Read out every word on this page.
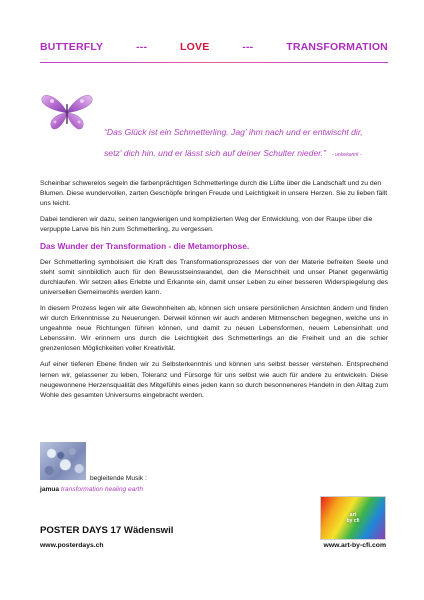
BUTTERFLY	---	LOVE	---	TRANSFORMATION
“Das Glück ist ein Schmetterling. Jag' ihm nach und er entwischt dir,
setz' dich hin, und er lässt sich auf deiner Schulter nieder.” - unbekannt -

Scheinbar schwerelos segeln die farbenprächtigen Schmetterlinge durch die Lüfte über die Landschaft und zu den Blumen. Diese wundervollen, zarten Geschöpfe bringen Freude und Leichtigkeit in unsere Herzen. Sie zu lieben fällt uns leicht.

Dabei tendieren wir dazu, seinen langwierigen und komplizierten Weg der Entwicklung, von der Raupe über die verpuppte Larve bis hin zum Schmetterling, zu vergessen.

Das Wunder der Transformation - die Metamorphose.

Der Schmetterling symbolisiert die Kraft des Transformationsprozesses der von der Materie befreiten Seele und steht somit sinnbildlich auch für den Bewusstseinswandel, den die Menschheit und unser Planet gegenwärtig durchlaufen. Wir setzen alles Erlebte und Erkannte ein, damit unser Leben zu einer besseren Widerspiegelung des universellen Gemeinwohls werden kann.

In diesem Prozess legen wir alte Gewohnheiten ab, können sich unsere persönlichen Ansichten ändern und finden wir durch Erkenntnisse zu Neuerungen. Derweil können wir auch anderen Mitmenschen begegnen, welche uns in ungeahnte neue Richtungen führen können, und damit zu neuen Lebensformen, neuem Lebensinhalt und Lebenssinn. Wir erinnern uns durch die Leichtigkeit des Schmetterlings an die Freiheit und an die schier grenzenlosen Möglichkeiten voller Kreativität.

Auf einer tieferen Ebene finden wir zu Selbsterkenntnis und können uns selbst besser verstehen. Entsprechend lernen wir, gelassener zu leben, Toleranz und Fürsorge für uns selbst wie auch für andere zu entwickeln. Diese neugewonnene Herzensqualität des Mitgefühls eines jeden kann so durch besonneneres Handeln in den Alltag zum Wohle des gesamten Universums eingebracht werden.

begleitende Musik :
jamua transformation healing earth
art
by cfi
POSTER DAYS 17 Wädenswil
www.posterdays.ch	www.art-by-cfi.com
